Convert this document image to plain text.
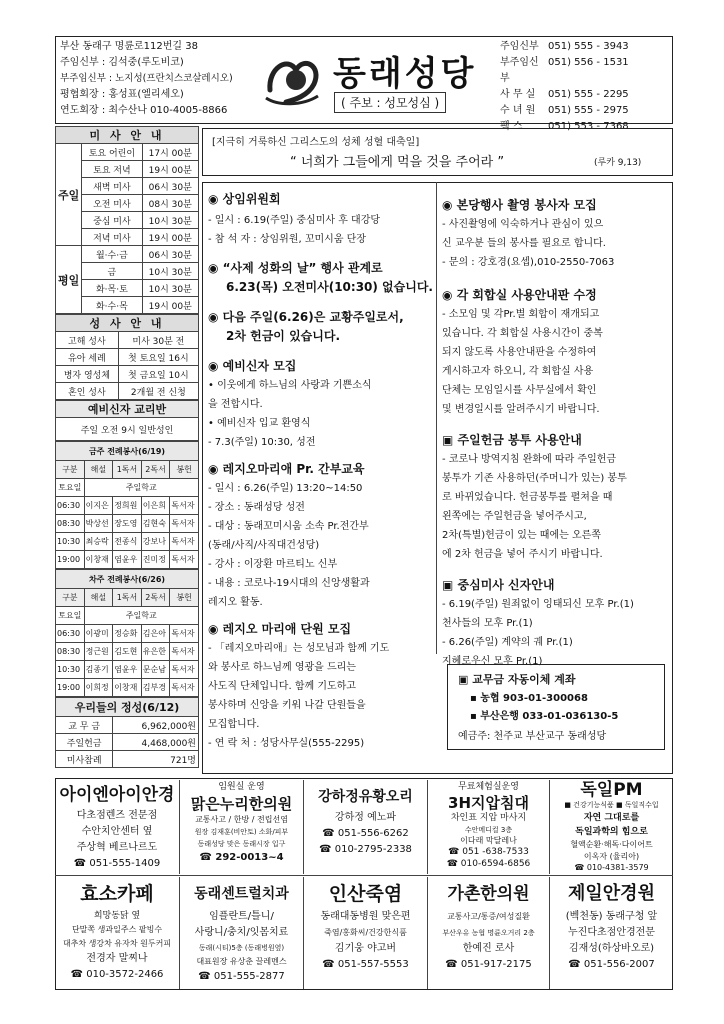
부산 동래구 명륜로112번길 38
주임신부 : 김석중(루도비코)
부주임신부 : 노지성(프란치스코살레시오)
평협회장 : 홍성표(엘리세오)
연도회장 : 최수산나 010-4005-8866
동래성당
( 주보 : 성모성심 )
주임신부 051) 555 - 3943
부주임신부
051) 556 - 1531
사 무 실	051) 555 - 2295
수 녀 원	051) 555 - 2975
팩 스	051) 553 - 7368
미 사 안 내		
주일	토요 어린이	17시 00분
	토요 저녁	19시 00분
	새벽 미사	06시 30분
	오전 미사	08시 30분
	중심 미사	10시 30분
	저녁 미사	19시 00분
평일	월·수·금	06시 30분
	금	10시 30분
	화·목·토	10시 30분
	화·수·목	19시 00분
성 사 안 내	
고해 성사	미사 30분 전
유아 세례	첫 토요일 16시
병자 영성체	첫 금요일 10시
혼인 성사	2개월 전 신청
예비신자 교리반
주일 오전 9시 일반성인
금주 전례봉사(6/19)				
구분	해설	1독서	2독서	봉헌
토요일	주일학교			
06:30	이지은	정희원	이은희	독서자
08:30	박상선	장도영	김현숙	독서자
10:30	최승락	전종식	강보나	독서자
19:00	이창재	염윤우	진미정	독서자
차주 전례봉사(6/26)				
구분	해설	1독서	2독서	봉헌
토요일	주일학교			
06:30	이광미	정승화	김은아	독서자
08:30	정근원	김도현	유은한	독서자
10:30	김종기	염윤우	문순남	독서자
19:00	이희정	이창재	김부경	독서자
우리들의 정성(6/12)	
교 무 금	6,962,000원
주일헌금	4,468,000원
미사참례	721명
[지극히 거룩하신 그리스도의 성체 성혈 대축일]
“ 너희가 그들에게 먹을 것을 주어라 ”	(루카 9,13)
◉ 상임위원회
- 일시 : 6.19(주일) 중심미사 후 대강당
- 참 석 자 : 상임위원, 꼬미시움 단장
◉ “사제 성화의 날” 행사 관계로
6.23(목) 오전미사(10:30) 없습니다.
◉ 다음 주일(6.26)은 교황주일로서,
2차 헌금이 있습니다.
◉ 예비신자 모집
• 이웃에게 하느님의 사랑과 기쁜소식
을 전합시다.
• 예비신자 입교 환영식
- 7.3(주일) 10:30, 성전
◉ 레지오마리애 Pr. 간부교육
- 일시 : 6.26(주일) 13:20~14:50
- 장소 : 동래성당 성전
- 대상 : 동래꼬미시움 소속 Pr.전간부
(동래/사직/사직대건성당)
- 강사 : 이장환 마르티노 신부
- 내용 : 코로나-19시대의 신앙생활과
레지오 활동.
◉ 레지오 마리애 단원 모집
- 「레지오마리애」는 성모님과 함께 기도
와 봉사로 하느님께 영광을 드리는
사도직 단체입니다. 함께 기도하고
봉사하며 신앙을 키워 나갈 단원들을
모집합니다.
- 연 락 처 : 성당사무실(555-2295)
◉ 본당행사 촬영 봉사자 모집
- 사진촬영에 익숙하거나 관심이 있으
신 교우분 들의 봉사를 필요로 합니다.
- 문의 : 강호경(요셉),010-2550-7063
◉ 각 회합실 사용안내판 수정
- 소모임 및 각Pr.별 회합이 재개되고
있습니다. 각 회합실 사용시간이 중복
되지 않도록 사용안내판을 수정하여
게시하고자 하오니, 각 회합실 사용
단체는 모임일시를 사무실에서 확인
및 변경일시를 알려주시기 바랍니다.
▣ 주일헌금 봉투 사용안내
- 코로나 방역지침 완화에 따라 주일헌금
봉투가 기존 사용하던(주머니가 있는) 봉투
로 바뀌었습니다. 헌금봉투를 펼쳐을 때
왼쪽에는 주일헌금을 넣어주시고,
2차(특별)헌금이 있는 때에는 오른쪽
에 2차 헌금을 넣어 주시기 바랍니다.
▣ 중심미사 신자안내
- 6.19(주일) 원죄없이 잉태되신 모후 Pr.(1)
천사들의 모후 Pr.(1)
- 6.26(주일) 계약의 궤 Pr.(1)
지혜로우신 모후 Pr.(1)
▣ 교무금 자동이체 계좌
▪ 농협 903-01-300068
▪ 부산은행 033-01-036130-5
예금주: 천주교 부산교구 동래성당
아이엔아이안경
다초점렌즈 전문점
수안치안센터 옆
주상혁 베르나르도
☎ 051-555-1409
임원실 운영
맑은누리한의원
교통사고 / 한방 / 전립선염
원장 김재훈(비안토) 소화/피부
동래성당 맞은 동래시장 입구
☎ 292-0013~4
강하정유황오리
강하정 예노파
☎ 051-556-6262
☎ 010-2795-2338
무료체험실운영
3H지압침대
차인표 지압 마사지
수안메디컬 3층
이다래 막달레나
☎ 051 -638-7533
☎ 010-6594-6856
독일PM
■ 건강기능식품 ■ 독일직수입
자연 그대로를
독일과학의 힘으로
혈액순환·해독·다이어트
이옥자 (율리아)
☎ 010-4381-3579
효소카페
희망동닭 옆
단말쪽 생과일주스 팥빙수
대추차 생강차 유자차 원두커피
전경자 말찌나
☎ 010-3572-2466
동래센트럴치과
임플란트/틀니/
사랑니/충치/잇몸치료
동래(시티)5층 (동래병원옆)
대표원장 유상춘 끌레멘스
☎ 051-555-2877
인산죽염
동래대동병원 맞은편
죽염/홍화씨/건강한식품
김기웅 야고버
☎ 051-557-5553
가촌한의원
교통사고/통증/여성질환
부산우유 농협 명륜오거리 2층
한예진 로사
☎ 051-917-2175
제일안경원
(벡천동) 동래구청 앞
누진다초점안경전문
김재성(하상바오로)
☎ 051-556-2007
